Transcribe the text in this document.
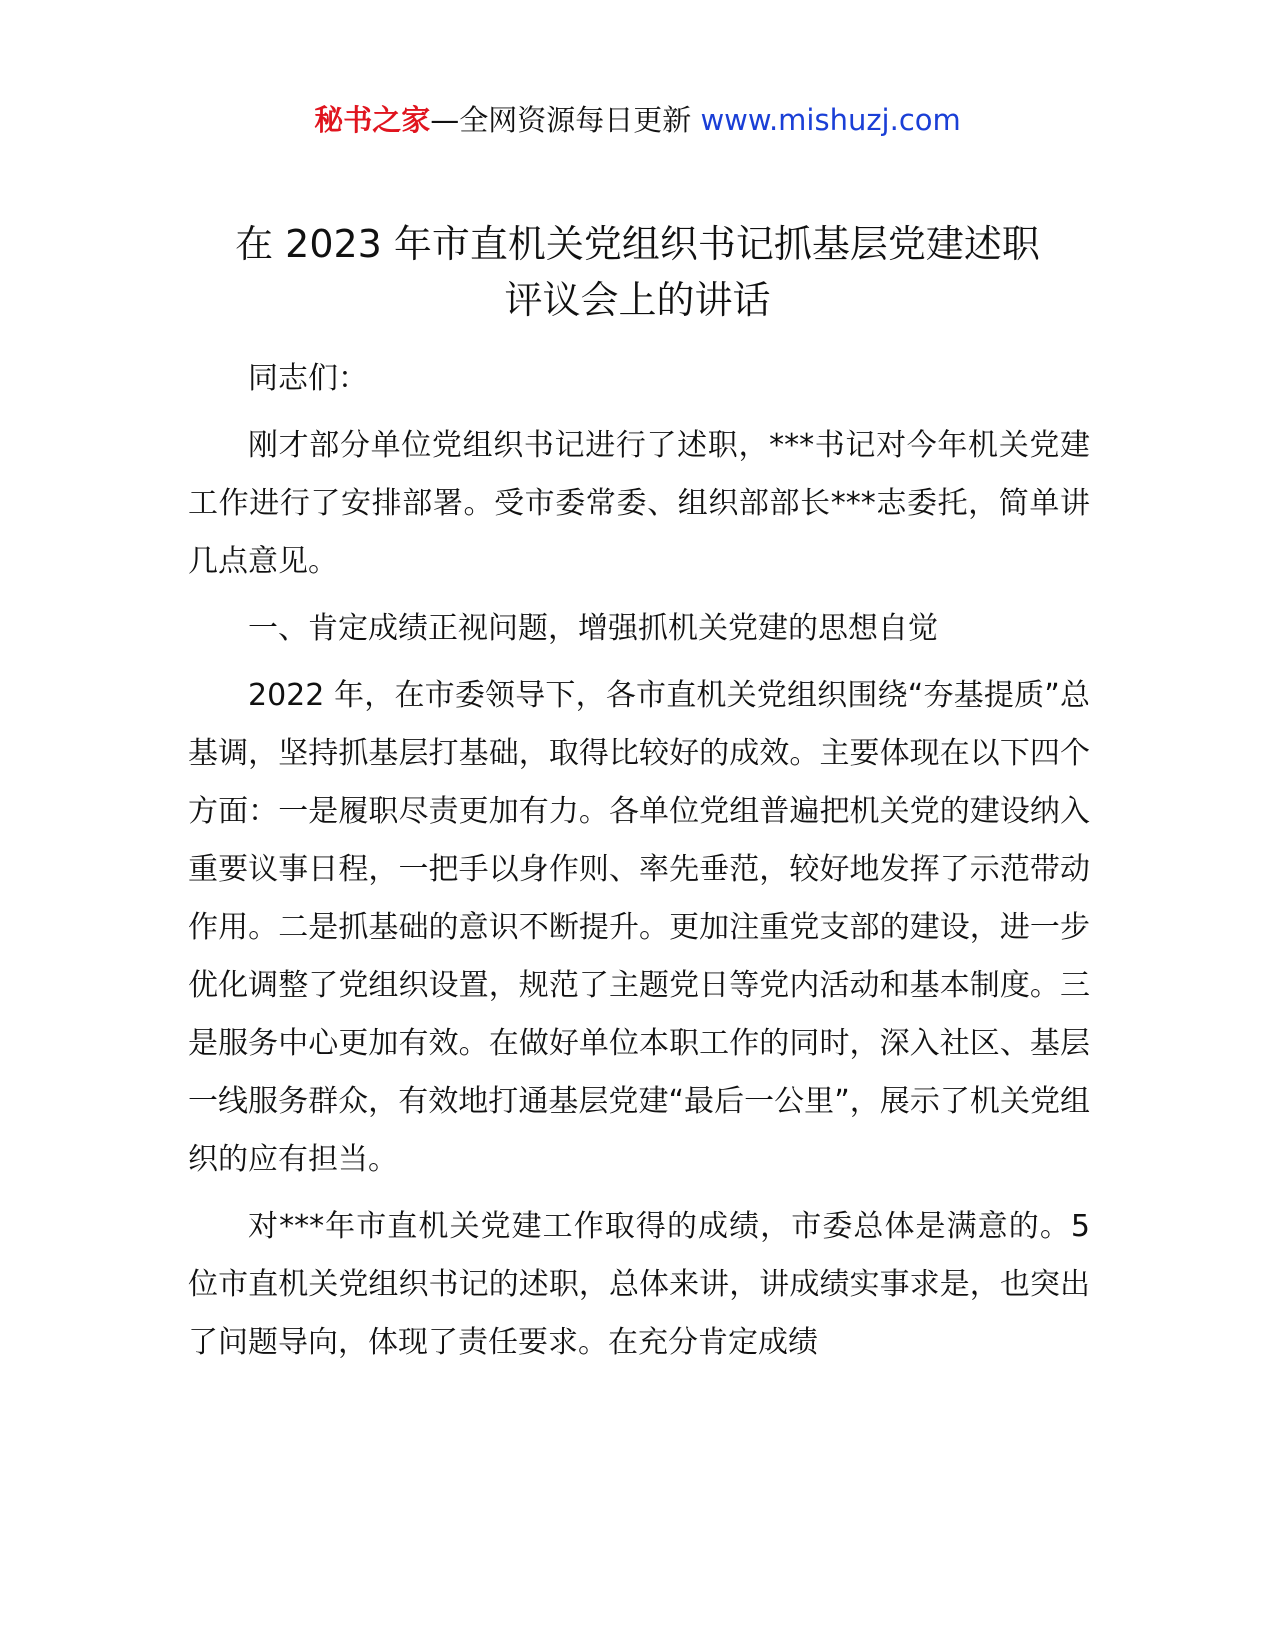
秘书之家—全网资源每日更新 www.mishuzj.com
在 2023 年市直机关党组织书记抓基层党建述职
评议会上的讲话

同志们：

刚才部分单位党组织书记进行了述职，***书记对今年机关党建工作进行了安排部署。受市委常委、组织部部长***志委托，简单讲几点意见。

一、肯定成绩正视问题，增强抓机关党建的思想自觉

2022 年，在市委领导下，各市直机关党组织围绕“夯基提质”总基调，坚持抓基层打基础，取得比较好的成效。主要体现在以下四个方面：一是履职尽责更加有力。各单位党组普遍把机关党的建设纳入重要议事日程，一把手以身作则、率先垂范，较好地发挥了示范带动作用。二是抓基础的意识不断提升。更加注重党支部的建设，进一步优化调整了党组织设置，规范了主题党日等党内活动和基本制度。三是服务中心更加有效。在做好单位本职工作的同时，深入社区、基层一线服务群众，有效地打通基层党建“最后一公里”，展示了机关党组织的应有担当。

对***年市直机关党建工作取得的成绩，市委总体是满意的。5 位市直机关党组织书记的述职，总体来讲，讲成绩实事求是，也突出了问题导向，体现了责任要求。在充分肯定成绩
